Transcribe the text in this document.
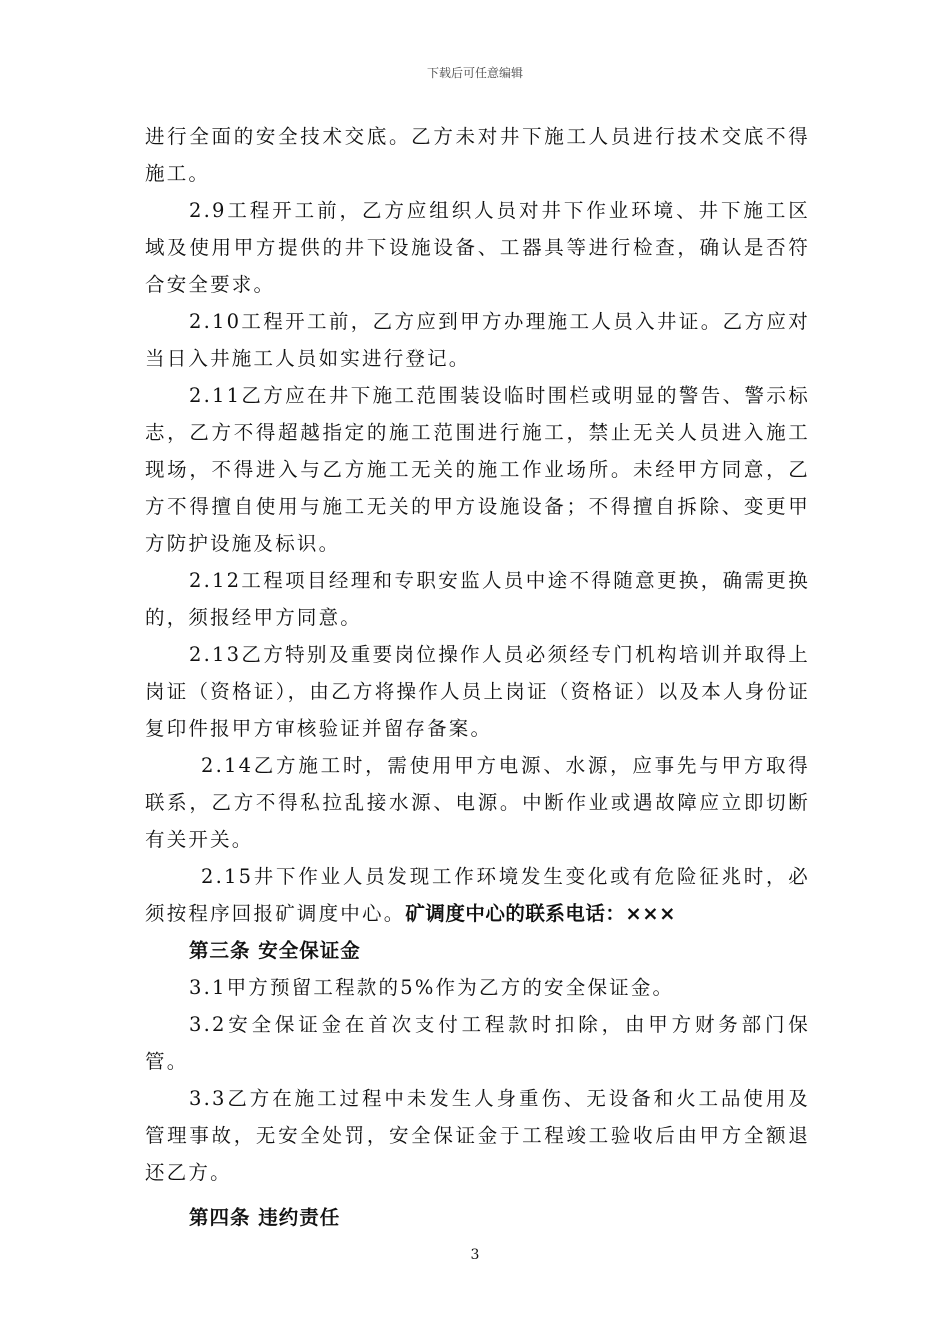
下载后可任意编辑

进行全面的安全技术交底。乙方未对井下施工人员进行技术交底不得施工。

2.9工程开工前，乙方应组织人员对井下作业环境、井下施工区域及使用甲方提供的井下设施设备、工器具等进行检查，确认是否符合安全要求。

2.10工程开工前，乙方应到甲方办理施工人员入井证。乙方应对当日入井施工人员如实进行登记。

2.11乙方应在井下施工范围装设临时围栏或明显的警告、警示标志，乙方不得超越指定的施工范围进行施工，禁止无关人员进入施工现场，不得进入与乙方施工无关的施工作业场所。未经甲方同意，乙方不得擅自使用与施工无关的甲方设施设备；不得擅自拆除、变更甲方防护设施及标识。

2.12工程项目经理和专职安监人员中途不得随意更换，确需更换的，须报经甲方同意。

2.13乙方特别及重要岗位操作人员必须经专门机构培训并取得上岗证（资格证），由乙方将操作人员上岗证（资格证）以及本人身份证复印件报甲方审核验证并留存备案。

2.14乙方施工时，需使用甲方电源、水源，应事先与甲方取得联系，乙方不得私拉乱接水源、电源。中断作业或遇故障应立即切断有关开关。

2.15井下作业人员发现工作环境发生变化或有危险征兆时，必须按程序回报矿调度中心。矿调度中心的联系电话：×××

第三条 安全保证金

3.1甲方预留工程款的5%作为乙方的安全保证金。

3.2安全保证金在首次支付工程款时扣除，由甲方财务部门保管。

3.3乙方在施工过程中未发生人身重伤、无设备和火工品使用及管理事故，无安全处罚，安全保证金于工程竣工验收后由甲方全额退还乙方。

第四条 违约责任

3
